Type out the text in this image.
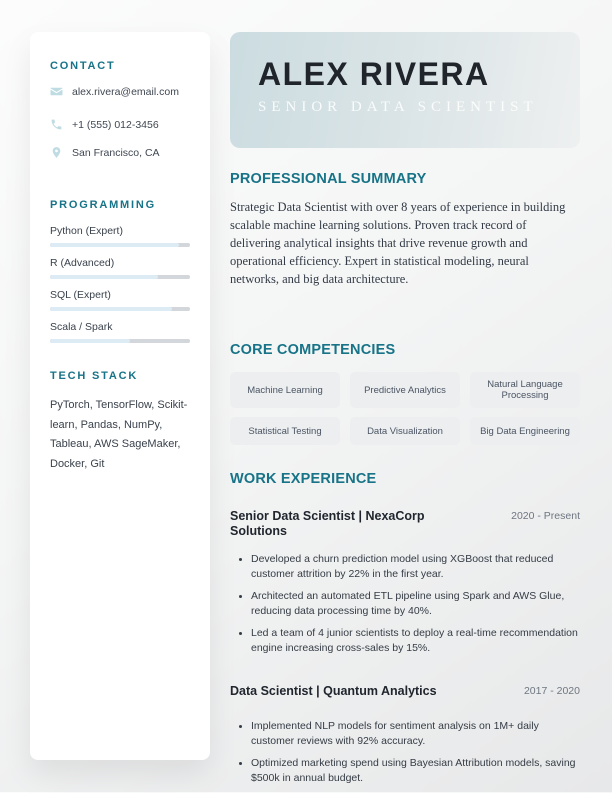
CONTACT
alex.rivera@email.com
+1 (555) 012-3456
San Francisco, CA
PROGRAMMING
Python (Expert)
R (Advanced)
SQL (Expert)
Scala / Spark
TECH STACK
PyTorch, TensorFlow, Scikit-learn, Pandas, NumPy, Tableau, AWS SageMaker, Docker, Git
ALEX RIVERA
SENIOR DATA SCIENTIST
PROFESSIONAL SUMMARY

Strategic Data Scientist with over 8 years of experience in building scalable machine learning solutions. Proven track record of delivering analytical insights that drive revenue growth and operational efficiency. Expert in statistical modeling, neural networks, and big data architecture.

CORE COMPETENCIES
Machine Learning	Predictive Analytics	Natural Language Processing
Statistical Testing	Data Visualization	Big Data Engineering
WORK EXPERIENCE
Senior Data Scientist | NexaCorp Solutions
2020 - Present
• Developed a churn prediction model using XGBoost that reduced customer attrition by 22% in the first year.
• Architected an automated ETL pipeline using Spark and AWS Glue, reducing data processing time by 40%.
• Led a team of 4 junior scientists to deploy a real-time recommendation engine increasing cross-sales by 15%.
Data Scientist | Quantum Analytics	2017 - 2020
• Implemented NLP models for sentiment analysis on 1M+ daily customer reviews with 92% accuracy.
• Optimized marketing spend using Bayesian Attribution models, saving $500k in annual budget.
